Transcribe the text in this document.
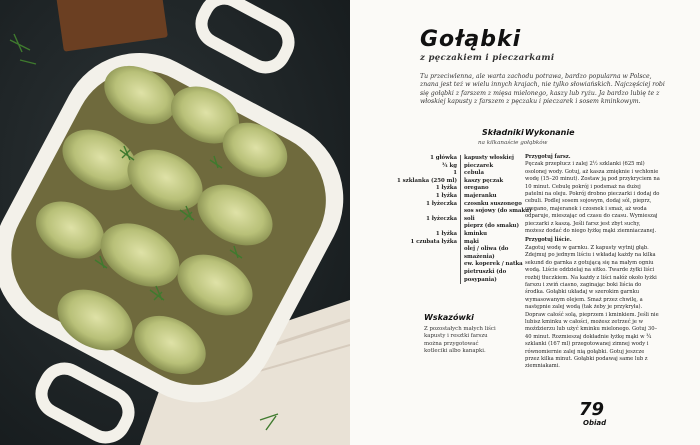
Gołąbki
z pęczakiem i pieczarkami
Tu przeciwlenna, ale warta zachodu potrawa, bardzo popularna w Polsce, znana jest też w wielu innych krajach, nie tylko słowiańskich. Najczęściej robi się gołąbki z farszem z mięsa mielonego, kaszy lub ryżu. Ja bardzo lubię te z włoskiej kapusty z farszem z pęczaku i pieczarek i sosem kminkowym.
Składniki
na kilkanaście gołąbków
1 główka	kapusty włoskiej
¾ kg	pieczarek
1	cebula
1 szklanka (250 ml)	kaszy pęczak
1 łyżka	oregano
1 łyżka	majeranku
1 łyżeczka	czosnku suszonego
	sos sojowy (do smaku)
1 łyżeczka	soli
	pieprz (do smaku)
1 łyżka	kminku
1 czubata łyżka	mąki
	olej / oliwa (do smażenia)
	ew. koperek / natka pietruszki (do posypania)
Wskazówki
Z pozostałych małych liści kapusty i resztki farszu można przygotować kotleciki albo kanapki.
Wykonanie
Przygotuj farsz.

Pęczak przepłucz i zalej 2½ szklanki (625 ml) osolonej wody. Gotuj, aż kasza zmięknie i wchłonie wodę (15–20 minut). Zostaw ją pod przykryciem na 10 minut. Cebulę pokrój i podsmaż na dużej patelni na oleju. Pokrój drobno pieczarki i dodaj do cebuli. Podlej sosem sojowym, dodaj sól, pieprz, oregano, majeranek i czosnek i smaż, aż woda odparuje, mieszając od czasu do czasu. Wymieszaj pieczarki z kaszą. Jeśli farsz jest zbyt suchy, możesz dodać do niego łyżkę mąki ziemniaczanej.

Przygotuj liście.

Zagotuj wodę w garnku. Z kapusty wytnij głąb. Zdejmuj po jednym liściu i wkładaj każdy na kilka sekund do garnka z gotującą się na małym ogniu wodą. Liście oddzielaj na sitko. Twarde żyłki liści rozbij tłuczkiem. Na każdy z liści nałóż około łyżki farszu i zwiń ciasno, zaginając boki liścia do środka. Gołąbki układaj w szerokim garnku wymasowanym olejem. Smaż przez chwilę, a następnie zalej wodą (tak żeby je przykryła). Dopraw całość solą, pieprzem i kminkiem. Jeśli nie lubisz kminku w całości, możesz zetrzeć je w moździerzu lub użyć kminku mielonego. Gotuj 30–40 minut. Rozmieszaj dokładnie łyżkę mąki w ¾ szklanki (167 ml) przegotowanej zimnej wody i równomiernie zalej nią gołąbki. Gotuj jeszcze przez kilka minut. Gołąbki podawaj same lub z ziemniakami.

79
Obiad
